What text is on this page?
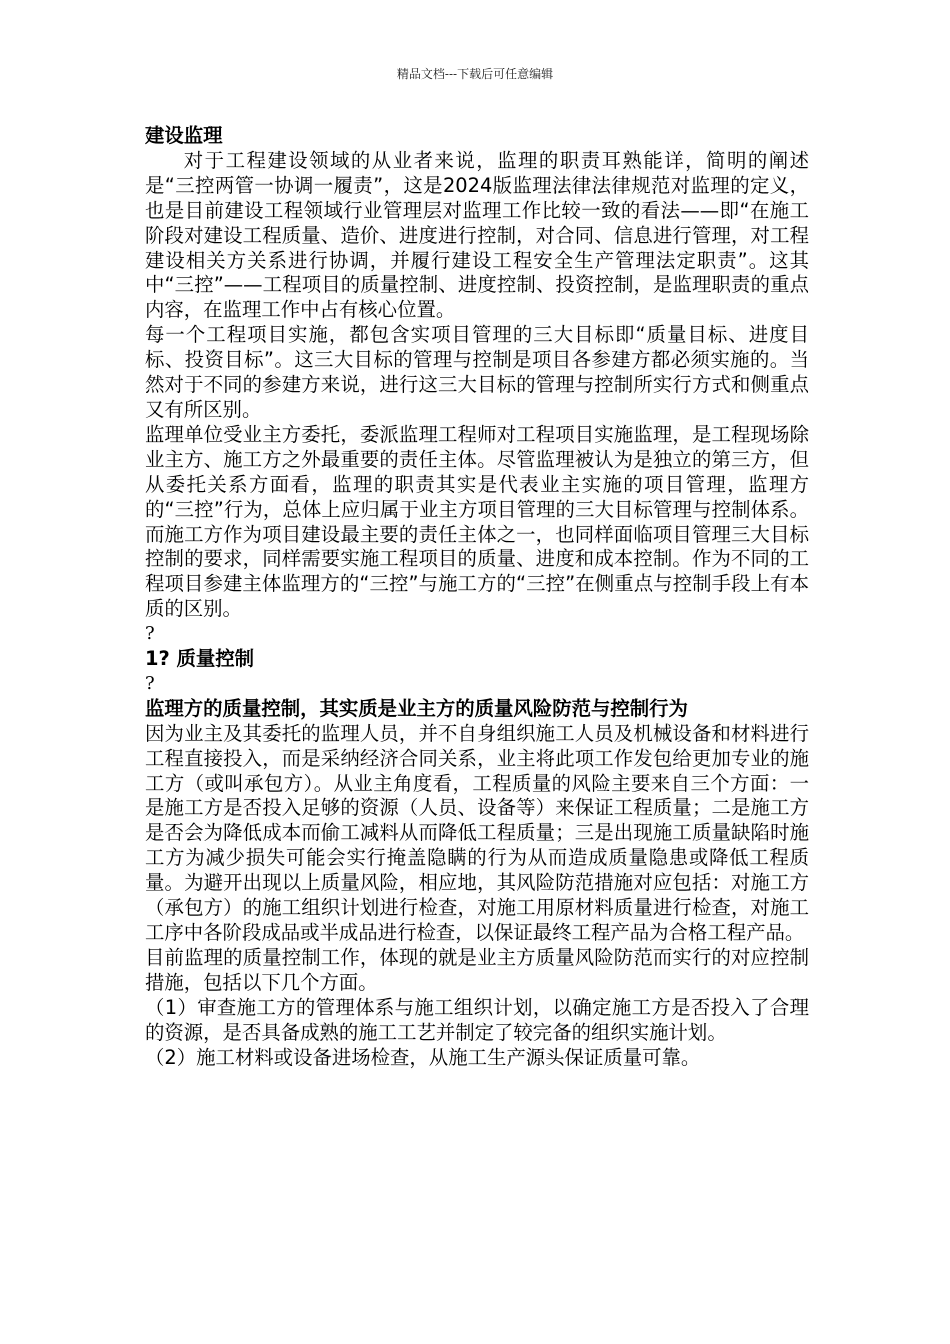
精品文档---下载后可任意编辑

建设监理

对于工程建设领域的从业者来说，监理的职责耳熟能详，简明的阐述是“三控两管一协调一履责”，这是2024版监理法律法律规范对监理的定义，也是目前建设工程领域行业管理层对监理工作比较一致的看法——即“在施工阶段对建设工程质量、造价、进度进行控制，对合同、信息进行管理，对工程建设相关方关系进行协调，并履行建设工程安全生产管理法定职责”。这其中“三控”——工程项目的质量控制、进度控制、投资控制，是监理职责的重点内容，在监理工作中占有核心位置。

每一个工程项目实施，都包含实项目管理的三大目标即“质量目标、进度目标、投资目标”。这三大目标的管理与控制是项目各参建方都必须实施的。当然对于不同的参建方来说，进行这三大目标的管理与控制所实行方式和侧重点又有所区别。

监理单位受业主方委托，委派监理工程师对工程项目实施监理，是工程现场除业主方、施工方之外最重要的责任主体。尽管监理被认为是独立的第三方，但从委托关系方面看，监理的职责其实是代表业主实施的项目管理，监理方的“三控”行为，总体上应归属于业主方项目管理的三大目标管理与控制体系。而施工方作为项目建设最主要的责任主体之一，也同样面临项目管理三大目标控制的要求，同样需要实施工程项目的质量、进度和成本控制。作为不同的工程项目参建主体监理方的“三控”与施工方的“三控”在侧重点与控制手段上有本质的区别。

?

1? 质量控制

?

监理方的质量控制，其实质是业主方的质量风险防范与控制行为

因为业主及其委托的监理人员，并不自身组织施工人员及机械设备和材料进行工程直接投入，而是采纳经济合同关系，业主将此项工作发包给更加专业的施工方（或叫承包方）。从业主角度看，工程质量的风险主要来自三个方面：一是施工方是否投入足够的资源（人员、设备等）来保证工程质量；二是施工方是否会为降低成本而偷工减料从而降低工程质量；三是出现施工质量缺陷时施工方为减少损失可能会实行掩盖隐瞒的行为从而造成质量隐患或降低工程质量。为避开出现以上质量风险，相应地，其风险防范措施对应包括：对施工方（承包方）的施工组织计划进行检查，对施工用原材料质量进行检查，对施工工序中各阶段成品或半成品进行检查，以保证最终工程产品为合格工程产品。

目前监理的质量控制工作，体现的就是业主方质量风险防范而实行的对应控制措施，包括以下几个方面。

（1）审查施工方的管理体系与施工组织计划，以确定施工方是否投入了合理的资源，是否具备成熟的施工工艺并制定了较完备的组织实施计划。

（2）施工材料或设备进场检查，从施工生产源头保证质量可靠。
